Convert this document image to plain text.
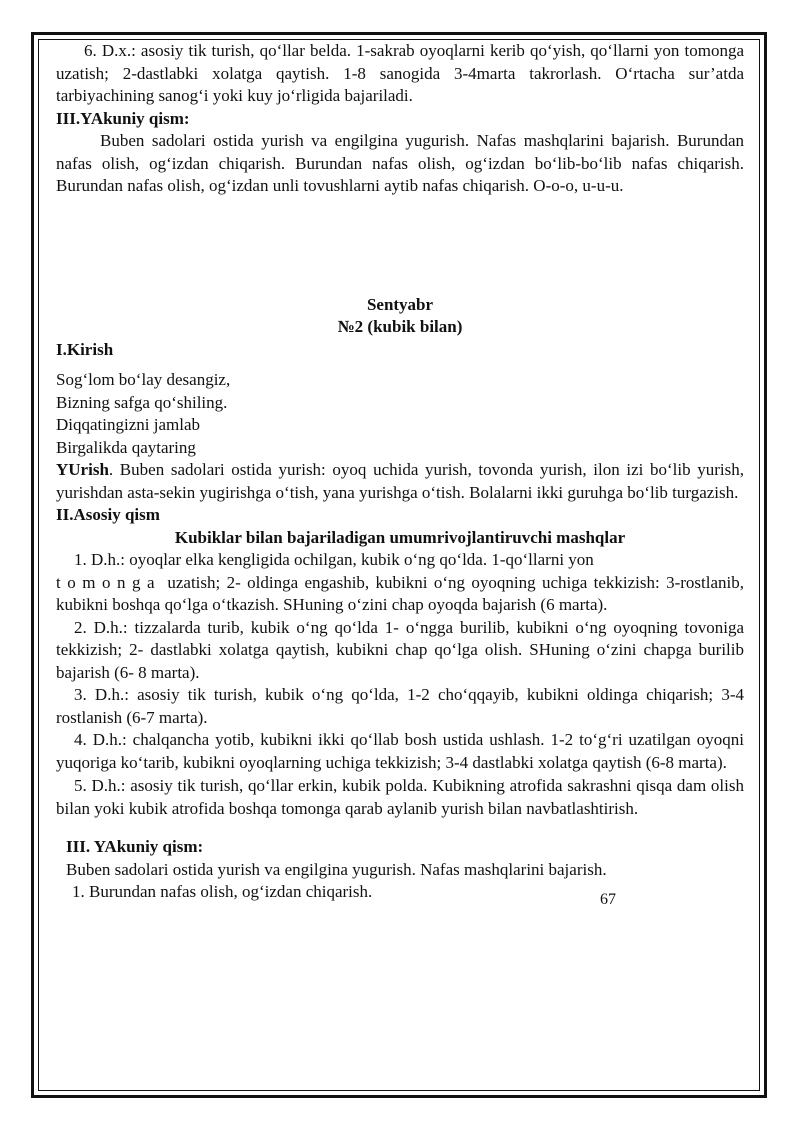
6. D.x.: asosiy tik turish, qo‘llar belda. 1-sakrab oyoqlarni kerib qo‘yish, qo‘llarni yon tomonga uzatish; 2-dastlabki xolatga qaytish. 1-8 sanogida 3-4marta takrorlash. O‘rtacha sur’atda tarbiyachining sanog‘i yoki kuy jo‘rligida bajariladi.

III.YAkuniy qism:

Buben sadolari ostida yurish va engilgina yugurish. Nafas mashqlarini bajarish. Burundan nafas olish, og‘izdan chiqarish. Burundan nafas olish, og‘izdan bo‘lib-bo‘lib nafas chiqarish. Burundan nafas olish, og‘izdan unli tovushlarni aytib nafas chiqarish. O-o-o, u-u-u.

Sentyabr

№2 (kubik bilan)

I.Kirish

Sog‘lom bo‘lay desangiz,

Bizning safga qo‘shiling.

Diqqatingizni jamlab

Birgalikda qaytaring

YUrish. Buben sadolari ostida yurish: oyoq uchida yurish, tovonda yurish, ilon izi bo‘lib yurish, yurishdan asta-sekin yugirishga o‘tish, yana yurishga o‘tish. Bolalarni ikki guruhga bo‘lib turgazish.

II.Asosiy qism

Kubiklar bilan bajariladigan umumrivojlantiruvchi mashqlar

1. D.h.: oyoqlar elka kengligida ochilgan, kubik o‘ng qo‘lda. 1-qo‘llarni yon

tomonga uzatish; 2- oldinga engashib, kubikni o‘ng oyoqning uchiga tekkizish: 3-rostlanib, kubikni boshqa qo‘lga o‘tkazish. SHuning o‘zini chap oyoqda bajarish (6 marta).

2. D.h.: tizzalarda turib, kubik o‘ng qo‘lda 1- o‘ngga burilib, kubikni o‘ng oyoqning tovoniga tekkizish; 2- dastlabki xolatga qaytish, kubikni chap qo‘lga olish. SHuning o‘zini chapga burilib bajarish (6- 8 marta).

3. D.h.: asosiy tik turish, kubik o‘ng qo‘lda, 1-2 cho‘qqayib, kubikni oldinga chiqarish; 3-4 rostlanish (6-7 marta).

4. D.h.: chalqancha yotib, kubikni ikki qo‘llab bosh ustida ushlash. 1-2 to‘g‘ri uzatilgan oyoqni yuqoriga ko‘tarib, kubikni oyoqlarning uchiga tekkizish; 3-4 dastlabki xolatga qaytish (6-8 marta).

5. D.h.: asosiy tik turish, qo‘llar erkin, kubik polda. Kubikning atrofida sakrashni qisqa dam olish bilan yoki kubik atrofida boshqa tomonga qarab aylanib yurish bilan navbatlashtirish.

III. YAkuniy qism:

Buben sadolari ostida yurish va engilgina yugurish. Nafas mashqlarini bajarish.

1. Burundan nafas olish, og‘izdan chiqarish.	67
